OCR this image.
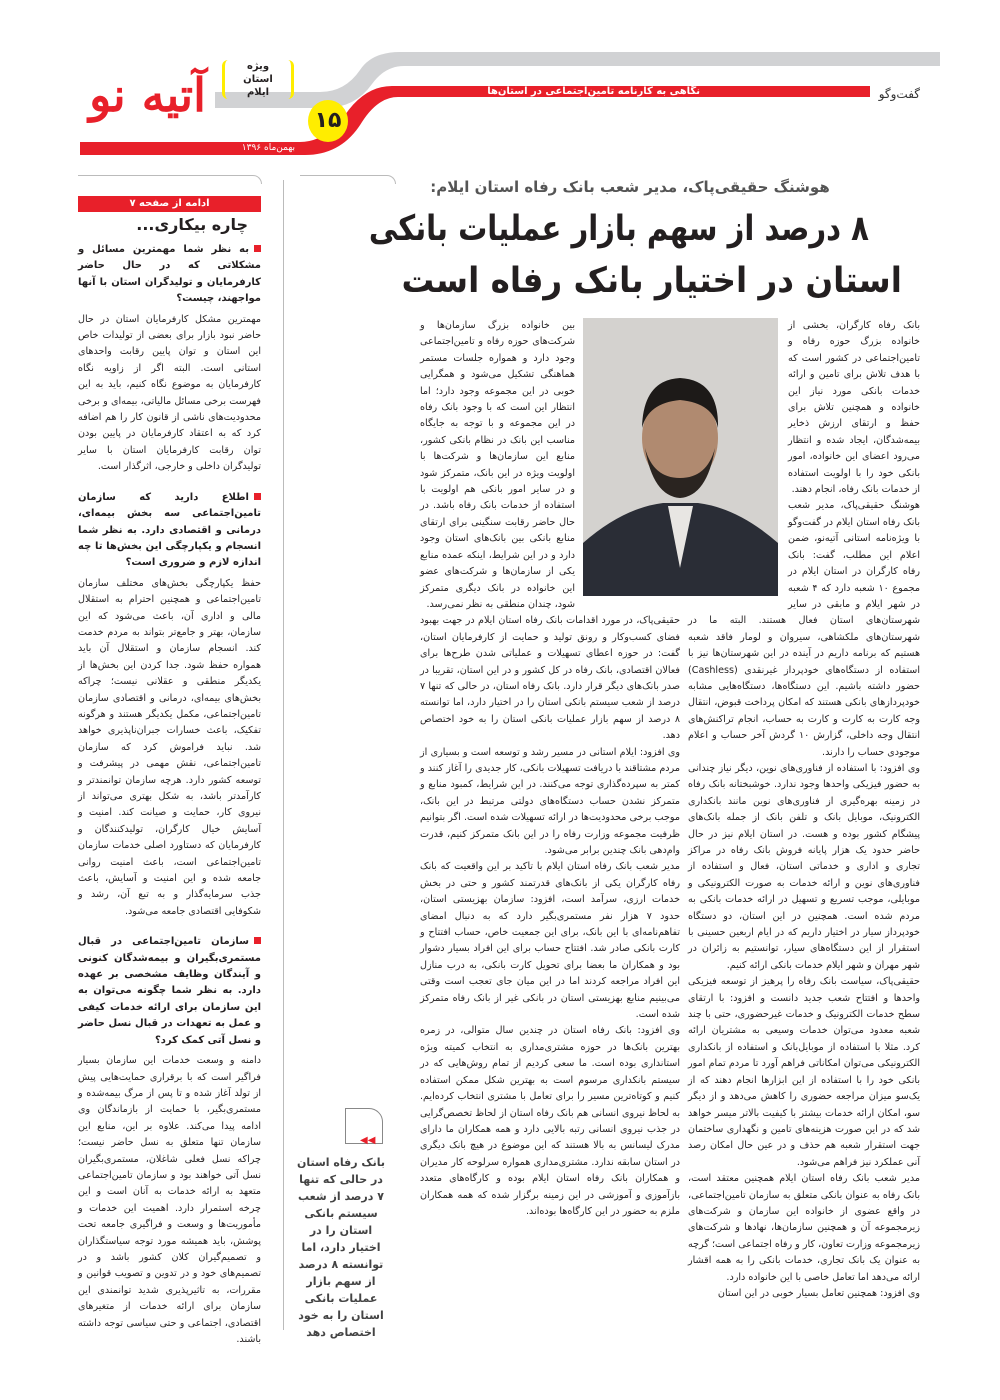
آتیه نو
ویژه
استان
ایلام	نگاهی به کارنامه تامین‌اجتماعی در استان‌ها
۱۵
بهمن‌ماه ۱۳۹۶
گفت‌وگو
هوشنگ حقیقی‌پاک، مدیر شعب بانک رفاه استان ایلام:
۸ درصد از سهم بازار عملیات بانکی
استان در اختیار بانک رفاه است

بانک رفاه کارگران، بخشی از خانواده بزرگ حوزه رفاه و تامین‌اجتماعی در کشور است که با هدف تلاش برای تامین و ارائه خدمات بانکی مورد نیاز این خانواده و همچنین تلاش برای حفظ و ارتقای ارزش ذخایر بیمه‌شدگان، ایجاد شده و انتظار می‌رود اعضای این خانواده، امور بانکی خود را با اولویت استفاده از خدمات بانک رفاه، انجام دهند.

هوشنگ حقیقی‌پاک، مدیر شعب بانک رفاه استان ایلام در گفت‌وگو با ویژه‌نامه استانی آتیه‌نو، ضمن اعلام این مطلب، گفت: بانک رفاه کارگران در استان ایلام در مجموع ۱۰ شعبه دارد که ۴ شعبه در شهر ایلام و مابقی در سایر شهرستان‌های استان فعال هستند. البته ما در شهرستان‌های ملکشاهی، سیروان و لومار فاقد شعبه هستیم که برنامه داریم در آینده در این شهرستان‌ها نیز با استفاده از دستگاه‌های خودپرداز غیرنقدی (Cashless) حضور داشته باشیم. این دستگاه‌ها، دستگاه‌هایی مشابه خودپردازهای بانکی هستند که امکان پرداخت قبوض، انتقال وجه کارت به کارت و کارت به حساب، انجام تراکنش‌های انتقال وجه داخلی، گزارش ۱۰ گردش آخر حساب و اعلام موجودی حساب را دارند.

وی افزود: با استفاده از فناوری‌های نوین، دیگر نیاز چندانی به حضور فیزیکی واحدها وجود ندارد. خوشبختانه بانک رفاه در زمینه بهره‌گیری از فناوری‌های نوین مانند بانکداری الکترونیک، موبایل بانک و تلفن بانک از جمله بانک‌های پیشگام کشور بوده و هست. در استان ایلام نیز در حال حاضر حدود یک هزار پایانه فروش بانک رفاه در مراکز تجاری و اداری و خدماتی استان، فعال و استفاده از فناوری‌های نوین و ارائه خدمات به صورت الکترونیکی و موبایلی، موجب تسریع و تسهیل در ارائه خدمات بانکی به مردم شده است. همچنین در این استان، دو دستگاه خودپرداز سیار در اختیار داریم که در ایام اربعین حسینی با استقرار از این دستگاه‌های سیار، توانستیم به زائران در شهر مهران و شهر ایلام خدمات بانکی ارائه کنیم.

حقیقی‌پاک، سیاست بانک رفاه را پرهیز از توسعه فیزیکی واحدها و افتتاح شعب جدید دانست و افزود: با ارتقای سطح خدمات الکترونیک و خدمات غیرحضوری، حتی با چند شعبه معدود می‌توان خدمات وسیعی به مشتریان ارائه کرد. مثلا با استفاده از موبایل‌بانک و استفاده از بانکداری الکترونیکی می‌توان امکاناتی فراهم آورد تا مردم تمام امور بانکی خود را با استفاده از این ابزارها انجام دهند که از یک‌سو میزان مراجعه حضوری را کاهش می‌دهد و از دیگر سو، امکان ارائه خدمات بیشتر با کیفیت بالاتر میسر خواهد شد که در این صورت هزینه‌های تامین و نگهداری ساختمان جهت استقرار شعبه هم حذف و در عین حال امکان رصد آنی عملکرد نیز فراهم می‌شود.

مدیر شعب بانک رفاه استان ایلام همچنین معتقد است، بانک رفاه به عنوان بانکی متعلق به سازمان تامین‌اجتماعی، در واقع عضوی از خانواده این سازمان و شرکت‌های زیرمجموعه آن و همچنین سازمان‌ها، نهادها و شرکت‌های زیرمجموعه وزارت تعاون، کار و رفاه اجتماعی است؛ گرچه به عنوان یک بانک تجاری، خدمات بانکی را به همه اقشار ارائه می‌دهد اما تعامل خاصی با این خانواده دارد.

وی افزود: همچنین تعامل بسیار خوبی در این استان

بین خانواده بزرگ سازمان‌ها و شرکت‌های حوزه رفاه و تامین‌اجتماعی وجود دارد و همواره جلسات مستمر هماهنگی تشکیل می‌شود و همگرایی خوبی در این مجموعه وجود دارد؛ اما انتظار این است که با وجود بانک رفاه در این مجموعه و با توجه به جایگاه مناسب این بانک در نظام بانکی کشور، منابع این سازمان‌ها و شرکت‌ها با اولویت ویژه در این بانک، متمرکز شود و در سایر امور بانکی هم اولویت با استفاده از خدمات بانک رفاه باشد. در حال حاضر رقابت سنگینی برای ارتقای منابع بانکی بین بانک‌های استان وجود دارد و در این شرایط، اینکه عمده منابع یکی از سازمان‌ها و شرکت‌های عضو این خانواده در بانک دیگری متمرکز شود، چندان منطقی به نظر نمی‌رسد.

حقیقی‌پاک، در مورد اقدامات بانک رفاه استان ایلام در جهت بهبود فضای کسب‌وکار و رونق تولید و حمایت از کارفرمایان استان، گفت: در حوزه اعطای تسهیلات و عملیاتی شدن طرح‌ها برای فعالان اقتصادی، بانک رفاه در کل کشور و در این استان، تقریبا در صدر بانک‌های دیگر قرار دارد. بانک رفاه استان، در حالی که تنها ۷ درصد از شعب سیستم بانکی استان را در اختیار دارد، اما توانسته ۸ درصد از سهم بازار عملیات بانکی استان را به خود اختصاص دهد.

وی افزود: ایلام استانی در مسیر رشد و توسعه است و بسیاری از مردم مشتاقند با دریافت تسهیلات بانکی، کار جدیدی را آغاز کنند و کمتر به سپرده‌گذاری توجه می‌کنند. در این شرایط، کمبود منابع و متمرکز نشدن حساب دستگاه‌های دولتی مرتبط در این بانک، موجب برخی محدودیت‌ها در ارائه تسهیلات شده است. اگر بتوانیم ظرفیت مجموعه وزارت رفاه را در این بانک متمرکز کنیم، قدرت وام‌دهی بانک چندین برابر می‌شود.

مدیر شعب بانک رفاه استان ایلام با تاکید بر این واقعیت که بانک رفاه کارگران یکی از بانک‌های قدرتمند کشور و حتی در بخش خدمات ارزی، سرآمد است، افزود: سازمان بهزیستی استان، حدود ۷ هزار نفر مستمری‌بگیر دارد که به دنبال امضای تفاهم‌نامه‌ای با این بانک، برای این جمعیت خاص، حساب افتتاح و کارت بانکی صادر شد. افتتاح حساب برای این افراد بسیار دشوار بود و همکاران ما بعضا برای تحویل کارت بانکی، به درب منازل این افراد مراجعه کردند اما در این میان جای تعجب است وقتی می‌بینیم منابع بهزیستی استان در بانکی غیر از بانک رفاه متمرکز شده است.

وی افزود: بانک رفاه استان در چندین سال متوالی، در زمره بهترین بانک‌ها در حوزه مشتری‌مداری به انتخاب کمیته ویژه استانداری بوده است. ما سعی کردیم از تمام روش‌هایی که در سیستم بانکداری مرسوم است به بهترین شکل ممکن استفاده کنیم و کوتاه‌ترین مسیر را برای تعامل با مشتری انتخاب کرده‌ایم. به لحاظ نیروی انسانی هم بانک رفاه استان از لحاظ تخصص‌گرایی در جذب نیروی انسانی رتبه بالایی دارد و همه همکاران ما دارای مدرک لیسانس به بالا هستند که این موضوع در هیچ بانک دیگری در استان سابقه ندارد. مشتری‌مداری همواره سرلوحه کار مدیران و همکاران بانک رفاه استان ایلام بوده و کارگاه‌های متعدد بازآموزی و آموزشی در این زمینه برگزار شده که همه همکاران ملزم به حضور در این کارگاه‌ها بوده‌اند.

◀◀
بانک رفاه استان در حالی که تنها ۷ درصد از شعب سیستم بانکی استان را در اختیار دارد، اما توانسته ۸ درصد از سهم بازار عملیات بانکی استان را به خود اختصاص دهد
ادامه از صفحه ۷
چاره بیکاری...
به نظر شما مهمترین مسائل و مشکلاتی که در حال حاضر کارفرمایان و تولیدگران استان با آنها مواجهند، چیست؟

مهمترین مشکل کارفرمایان استان در حال حاضر نبود بازار برای بعضی از تولیدات خاص این استان و توان پایین رقابت واحدهای استانی است. البته اگر از زاویه نگاه کارفرمایان به موضوع نگاه کنیم، باید به این فهرست برخی مسائل مالیاتی، بیمه‌ای و برخی محدودیت‌های ناشی از قانون کار را هم اضافه کرد که به اعتقاد کارفرمایان در پایین بودن توان رقابت کارفرمایان استان با سایر تولیدگران داخلی و خارجی، اثرگذار است.

اطلاع دارید که سازمان تامین‌اجتماعی سه بخش بیمه‌ای، درمانی و اقتصادی دارد. به نظر شما انسجام و یکپارچگی این بخش‌ها تا چه اندازه لازم و ضروری است؟

حفظ یکپارچگی بخش‌های مختلف سازمان تامین‌اجتماعی و همچنین احترام به استقلال مالی و اداری آن، باعث می‌شود که این سازمان، بهتر و جامع‌تر بتواند به مردم خدمت کند. انسجام سازمان و استقلال آن باید همواره حفظ شود. جدا کردن این بخش‌ها از یکدیگر منطقی و عقلانی نیست؛ چراکه بخش‌های بیمه‌ای، درمانی و اقتصادی سازمان تامین‌اجتماعی، مکمل یکدیگر هستند و هرگونه تفکیک، باعث خسارات جبران‌ناپذیری خواهد شد. نباید فراموش کرد که سازمان تامین‌اجتماعی، نقش مهمی در پیشرفت و توسعه کشور دارد. هرچه سازمان توانمندتر و کارآمدتر باشد، به شکل بهتری می‌تواند از نیروی کار، حمایت و صیانت کند. امنیت و آسایش خیال کارگران، تولیدکنندگان و کارفرمایان که دستاورد اصلی خدمات سازمان تامین‌اجتماعی است، باعث امنیت روانی جامعه شده و این امنیت و آسایش، باعث جذب سرمایه‌گذار و به تبع آن، رشد و شکوفایی اقتصادی جامعه می‌شود.

سازمان تامین‌اجتماعی در قبال مستمری‌بگیران و بیمه‌شدگان کنونی و آیندگان وظایف مشخصی بر عهده دارد. به نظر شما چگونه می‌توان به این سازمان برای ارائه خدمات کیفی و عمل به تعهدات در قبال نسل حاضر و نسل آتی کمک کرد؟

دامنه و وسعت خدمات این سازمان بسیار فراگیر است که با برقراری حمایت‌هایی پیش از تولد آغاز شده و تا پس از مرگ بیمه‌شده و مستمری‌بگیر، با حمایت از بازماندگان وی ادامه پیدا می‌کند. علاوه بر این، منابع این سازمان تنها متعلق به نسل حاضر نیست؛ چراکه نسل فعلی شاغلان، مستمری‌بگیران نسل آتی خواهند بود و سازمان تامین‌اجتماعی متعهد به ارائه خدمات به آنان است و این چرخه استمرار دارد. اهمیت این خدمات و مأموریت‌ها و وسعت و فراگیری جامعه تحت پوشش، باید همیشه مورد توجه سیاستگذاران و تصمیم‌گیران کلان کشور باشد و در تصمیم‌های خود و در تدوین و تصویب قوانین و مقررات، به تاثیرپذیری شدید توانمندی این سازمان برای ارائه خدمات از متغیرهای اقتصادی، اجتماعی و حتی سیاسی توجه داشته باشند.
